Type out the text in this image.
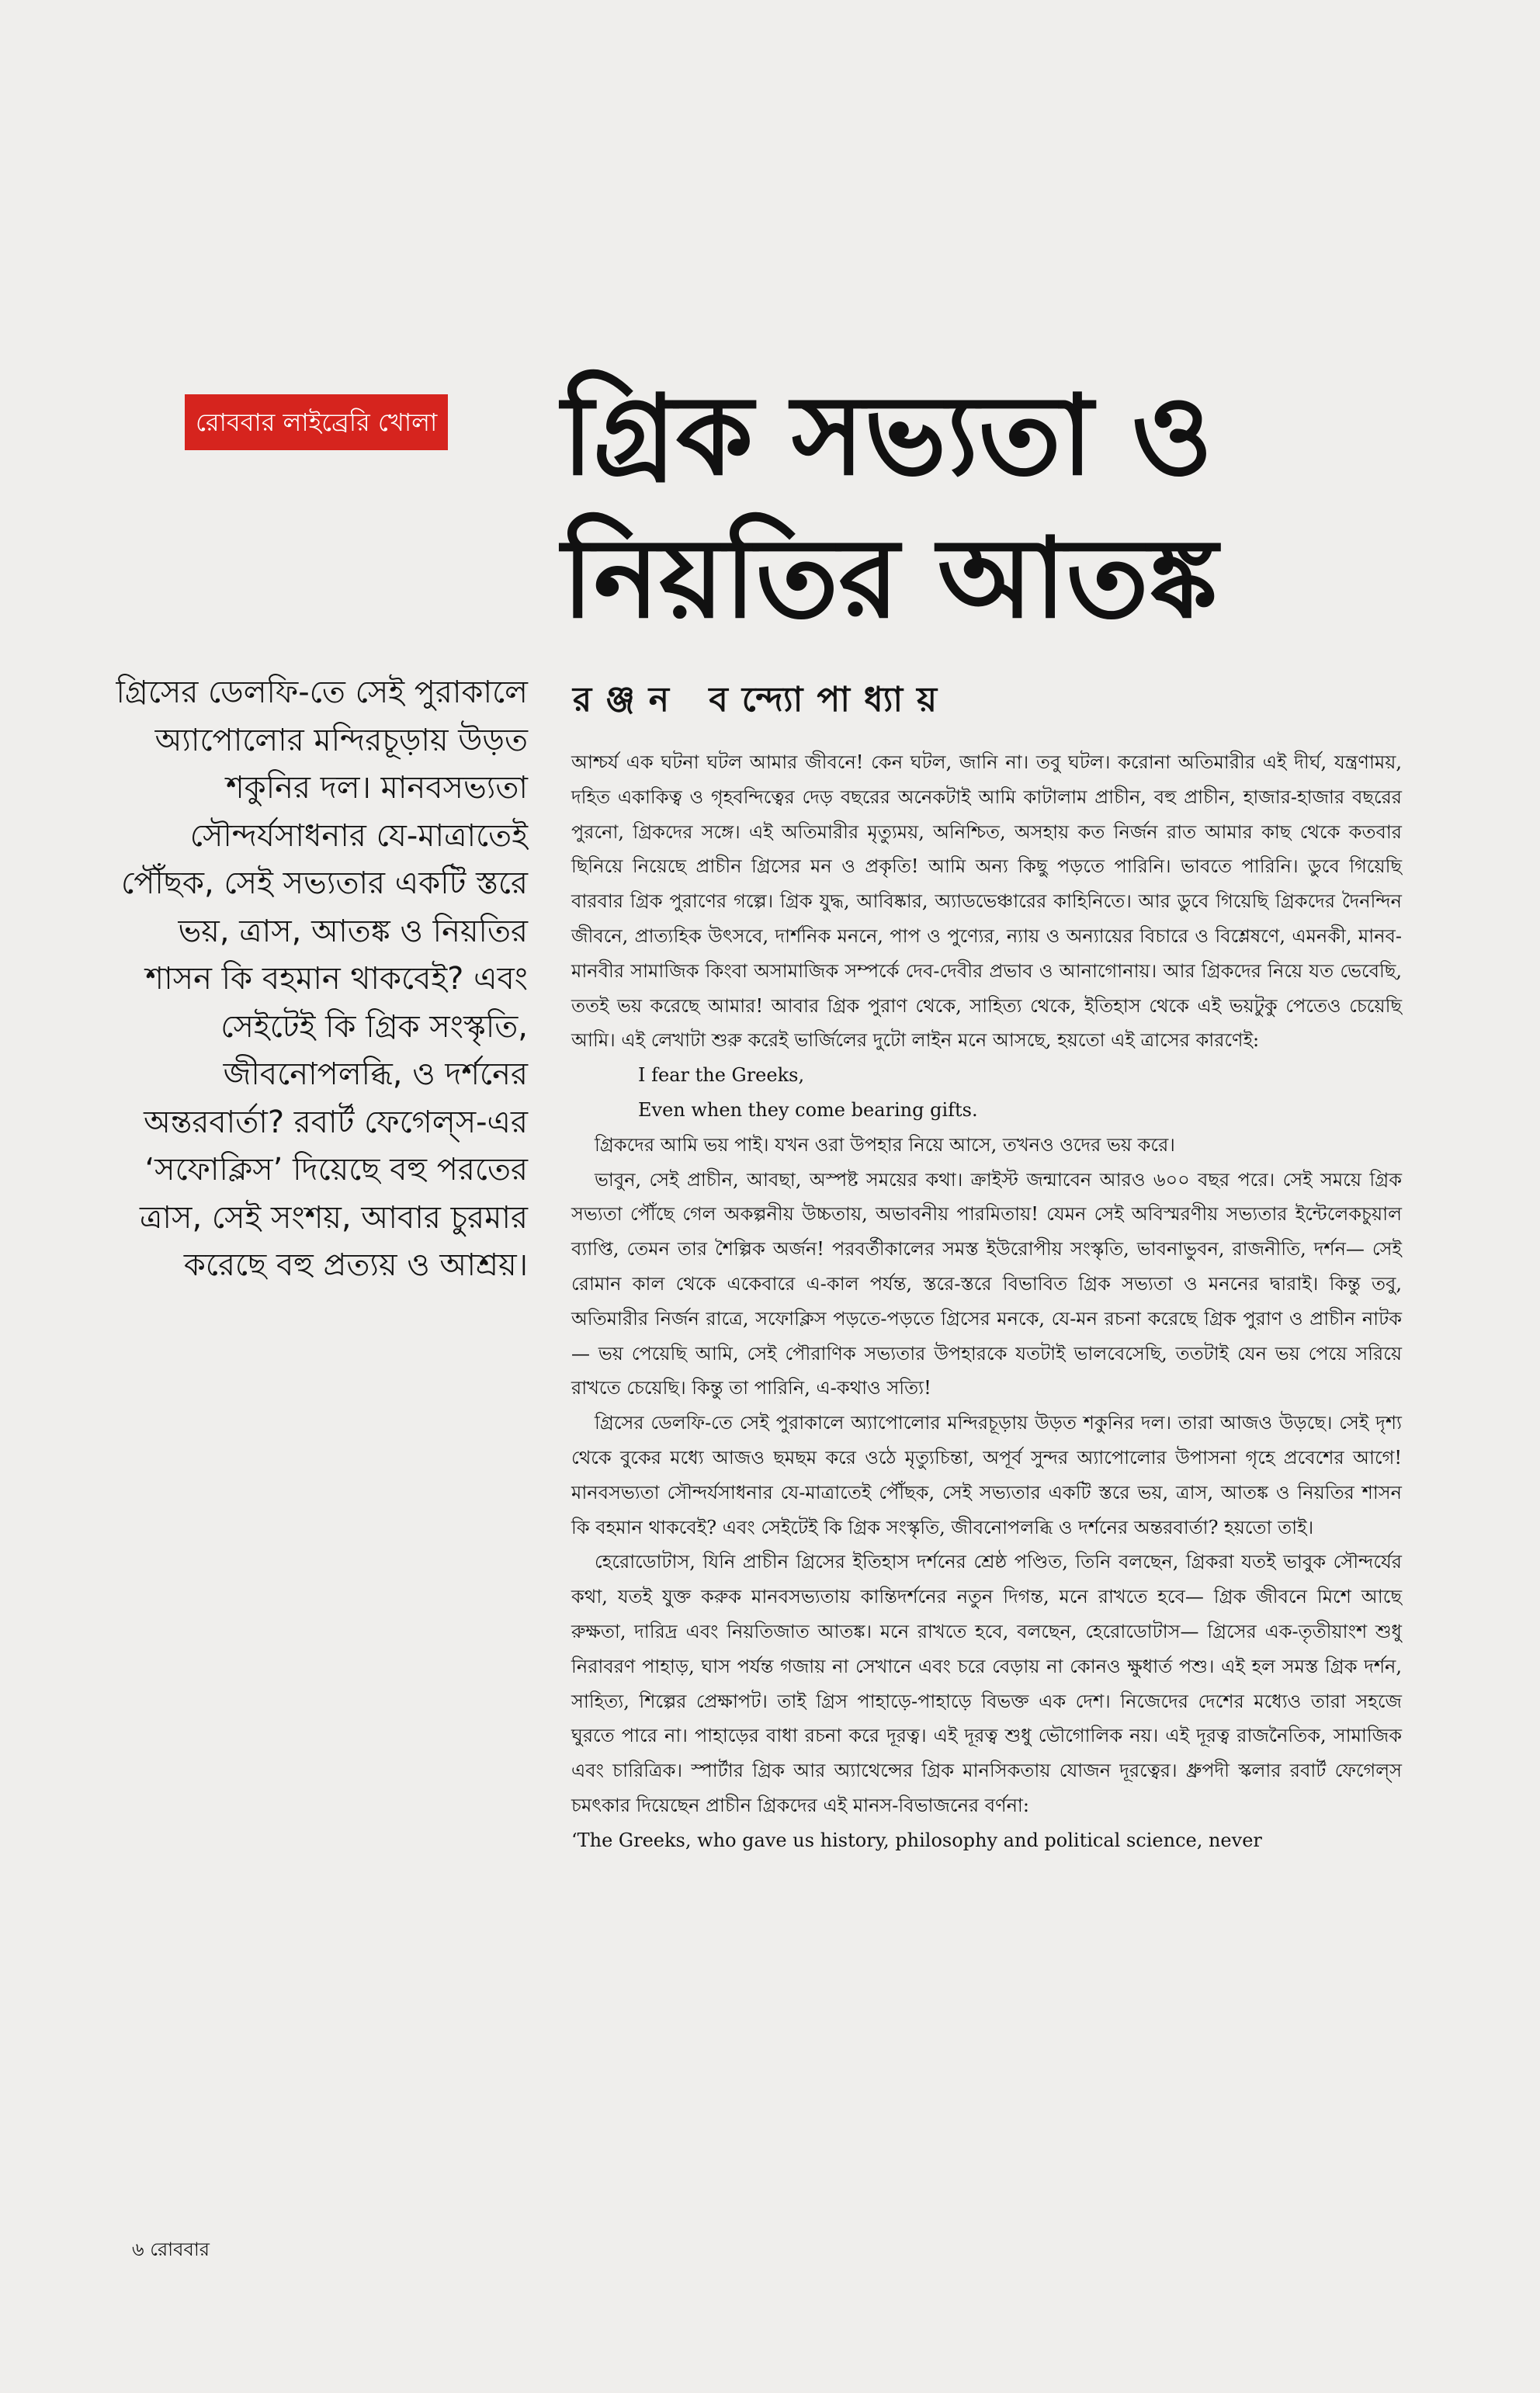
রোববার লাইব্রেরি খোলা গ্রিক সভ্যতা ও
নিয়তির আতঙ্ক

গ্রিসের ডেলফি-তে সেই পুরাকালে অ্যাপোলোর মন্দিরচূড়ায় উড়ত শকুনির দল। মানবসভ্যতা সৌন্দর্যসাধনার যে-মাত্রাতেই পৌঁছক, সেই সভ্যতার একটি স্তরে ভয়, ত্রাস, আতঙ্ক ও নিয়তির শাসন কি বহমান থাকবেই? এবং সেইটেই কি গ্রিক সংস্কৃতি, জীবনোপলব্ধি, ও দর্শনের অন্তরবার্তা? রবার্ট ফেগেল্‌স-এর ‘সফোক্লিস’ দিয়েছে বহু পরতের ত্রাস, সেই সংশয়, আবার চুরমার করেছে বহু প্রত্যয় ও আশ্রয়।

রঞ্জন বন্দ্যোপাধ্যায়

আশ্চর্য এক ঘটনা ঘটল আমার জীবনে! কেন ঘটল, জানি না। তবু ঘটল। করোনা অতিমারীর এই দীর্ঘ, যন্ত্রণাময়, দহিত একাকিত্ব ও গৃহবন্দিত্বের দেড় বছরের অনেকটাই আমি কাটালাম প্রাচীন, বহু প্রাচীন, হাজার-হাজার বছরের পুরনো, গ্রিকদের সঙ্গে। এই অতিমারীর মৃত্যুময়, অনিশ্চিত, অসহায় কত নির্জন রাত আমার কাছ থেকে কতবার ছিনিয়ে নিয়েছে প্রাচীন গ্রিসের মন ও প্রকৃতি! আমি অন্য কিছু পড়তে পারিনি। ভাবতে পারিনি। ডুবে গিয়েছি বারবার গ্রিক পুরাণের গল্পে। গ্রিক যুদ্ধ, আবিষ্কার, অ্যাডভেঞ্চারের কাহিনিতে। আর ডুবে গিয়েছি গ্রিকদের দৈনন্দিন জীবনে, প্রাত্যহিক উৎসবে, দার্শনিক মননে, পাপ ও পুণ্যের, ন্যায় ও অন্যায়ের বিচারে ও বিশ্লেষণে, এমনকী, মানব-মানবীর সামাজিক কিংবা অসামাজিক সম্পর্কে দেব-দেবীর প্রভাব ও আনাগোনায়। আর গ্রিকদের নিয়ে যত ভেবেছি, ততই ভয় করেছে আমার! আবার গ্রিক পুরাণ থেকে, সাহিত্য থেকে, ইতিহাস থেকে এই ভয়টুকু পেতেও চেয়েছি আমি। এই লেখাটা শুরু করেই ভার্জিলের দুটো লাইন মনে আসছে, হয়তো এই ত্রাসের কারণেই:

I fear the Greeks,

Even when they come bearing gifts.

গ্রিকদের আমি ভয় পাই। যখন ওরা উপহার নিয়ে আসে, তখনও ওদের ভয় করে।

ভাবুন, সেই প্রাচীন, আবছা, অস্পষ্ট সময়ের কথা। ক্রাইস্ট জন্মাবেন আরও ৬০০ বছর পরে। সেই সময়ে গ্রিক সভ্যতা পৌঁছে গেল অকল্পনীয় উচ্চতায়, অভাবনীয় পারমিতায়! যেমন সেই অবিস্মরণীয় সভ্যতার ইন্টেলেকচুয়াল ব্যাপ্তি, তেমন তার শৈল্পিক অর্জন! পরবর্তীকালের সমস্ত ইউরোপীয় সংস্কৃতি, ভাবনাভুবন, রাজনীতি, দর্শন— সেই রোমান কাল থেকে একেবারে এ-কাল পর্যন্ত, স্তরে-স্তরে বিভাবিত গ্রিক সভ্যতা ও মননের দ্বারাই। কিন্তু তবু, অতিমারীর নির্জন রাত্রে, সফোক্লিস পড়তে-পড়তে গ্রিসের মনকে, যে-মন রচনা করেছে গ্রিক পুরাণ ও প্রাচীন নাটক— ভয় পেয়েছি আমি, সেই পৌরাণিক সভ্যতার উপহারকে যতটাই ভালবেসেছি, ততটাই যেন ভয় পেয়ে সরিয়ে রাখতে চেয়েছি। কিন্তু তা পারিনি, এ-কথাও সত্যি!

গ্রিসের ডেলফি-তে সেই পুরাকালে অ্যাপোলোর মন্দিরচূড়ায় উড়ত শকুনির দল। তারা আজও উড়ছে। সেই দৃশ্য থেকে বুকের মধ্যে আজও ছমছম করে ওঠে মৃত্যুচিন্তা, অপূর্ব সুন্দর অ্যাপোলোর উপাসনা গৃহে প্রবেশের আগে! মানবসভ্যতা সৌন্দর্যসাধনার যে-মাত্রাতেই পৌঁছক, সেই সভ্যতার একটি স্তরে ভয়, ত্রাস, আতঙ্ক ও নিয়তির শাসন কি বহমান থাকবেই? এবং সেইটেই কি গ্রিক সংস্কৃতি, জীবনোপলব্ধি ও দর্শনের অন্তরবার্তা? হয়তো তাই।

হেরোডোটাস, যিনি প্রাচীন গ্রিসের ইতিহাস দর্শনের শ্রেষ্ঠ পণ্ডিত, তিনি বলছেন, গ্রিকরা যতই ভাবুক সৌন্দর্যের কথা, যতই যুক্ত করুক মানবসভ্যতায় কান্তিদর্শনের নতুন দিগন্ত, মনে রাখতে হবে— গ্রিক জীবনে মিশে আছে রুক্ষতা, দারিদ্র এবং নিয়তিজাত আতঙ্ক। মনে রাখতে হবে, বলছেন, হেরোডোটাস— গ্রিসের এক-তৃতীয়াংশ শুধু নিরাবরণ পাহাড়, ঘাস পর্যন্ত গজায় না সেখানে এবং চরে বেড়ায় না কোনও ক্ষুধার্ত পশু। এই হল সমস্ত গ্রিক দর্শন, সাহিত্য, শিল্পের প্রেক্ষাপট। তাই গ্রিস পাহাড়ে-পাহাড়ে বিভক্ত এক দেশ। নিজেদের দেশের মধ্যেও তারা সহজে ঘুরতে পারে না। পাহাড়ের বাধা রচনা করে দূরত্ব। এই দূরত্ব শুধু ভৌগোলিক নয়। এই দূরত্ব রাজনৈতিক, সামাজিক এবং চারিত্রিক। স্পার্টার গ্রিক আর অ্যাথেন্সের গ্রিক মানসিকতায় যোজন দূরত্বের। ধ্রুপদী স্কলার রবার্ট ফেগেল্‌স চমৎকার দিয়েছেন প্রাচীন গ্রিকদের এই মানস-বিভাজনের বর্ণনা:

‘The Greeks, who gave us history, philosophy and political science, never

৬ রোববার
